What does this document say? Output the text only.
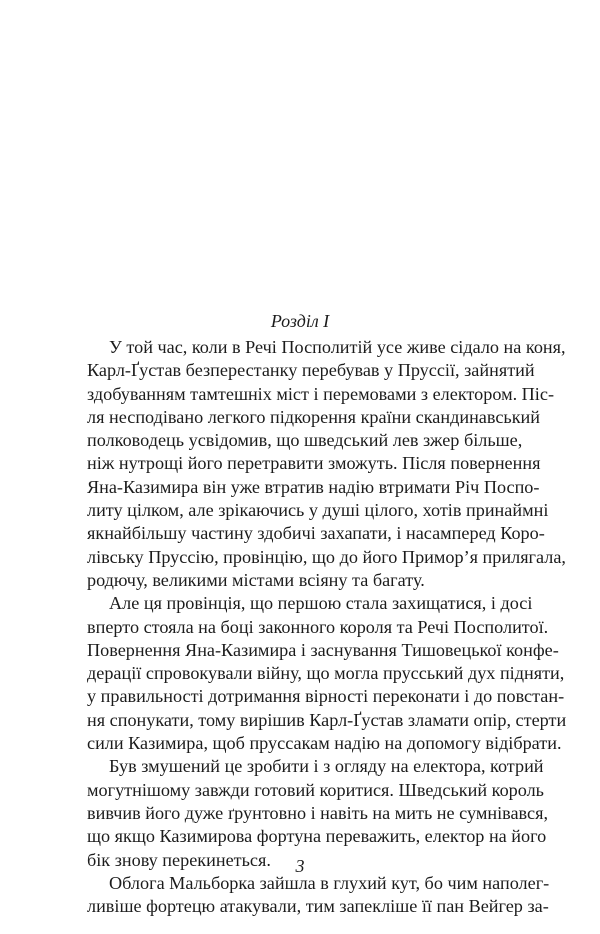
Розділ I
У той час, коли в Речі Посполитій усе живе сідало на коня,
Карл-Ґустав безперестанку перебував у Пруссії, зайнятий
здобуванням тамтешніх міст і перемовами з електором. Піс-
ля несподівано легкого підкорення країни скандинавський
полководець усвідомив, що шведський лев зжер більше,
ніж нутрощі його перетравити зможуть. Після повернення
Яна-Казимира він уже втратив надію втримати Річ Поспо-
литу цілком, але зрікаючись у душі цілого, хотів принаймні
якнайбільшу частину здобичі захапати, і насамперед Коро-
лівську Пруссію, провінцію, що до його Примор’я прилягала,
родючу, великими містами всіяну та багату.
Але ця провінція, що першою стала захищатися, і досі
вперто стояла на боці законного короля та Речі Посполитої.
Повернення Яна-Казимира і заснування Тишовецької конфе-
дерації спровокували війну, що могла прусський дух підняти,
у правильності дотримання вірності переконати і до повстан-
ня спонукати, тому вирішив Карл-Ґустав зламати опір, стерти
сили Казимира, щоб пруссакам надію на допомогу відібрати.
Був змушений це зробити і з огляду на електора, котрий
могутнішому завжди готовий коритися. Шведський король
вивчив його дуже ґрунтовно і навіть на мить не сумнівався,
що якщо Казимирова фортуна переважить, електор на його
бік знову перекинеться.
Облога Мальборка зайшла в глухий кут, бо чим наполег-
ливіше фортецю атакували, тим запекліше її пан Вейгер за-
3
